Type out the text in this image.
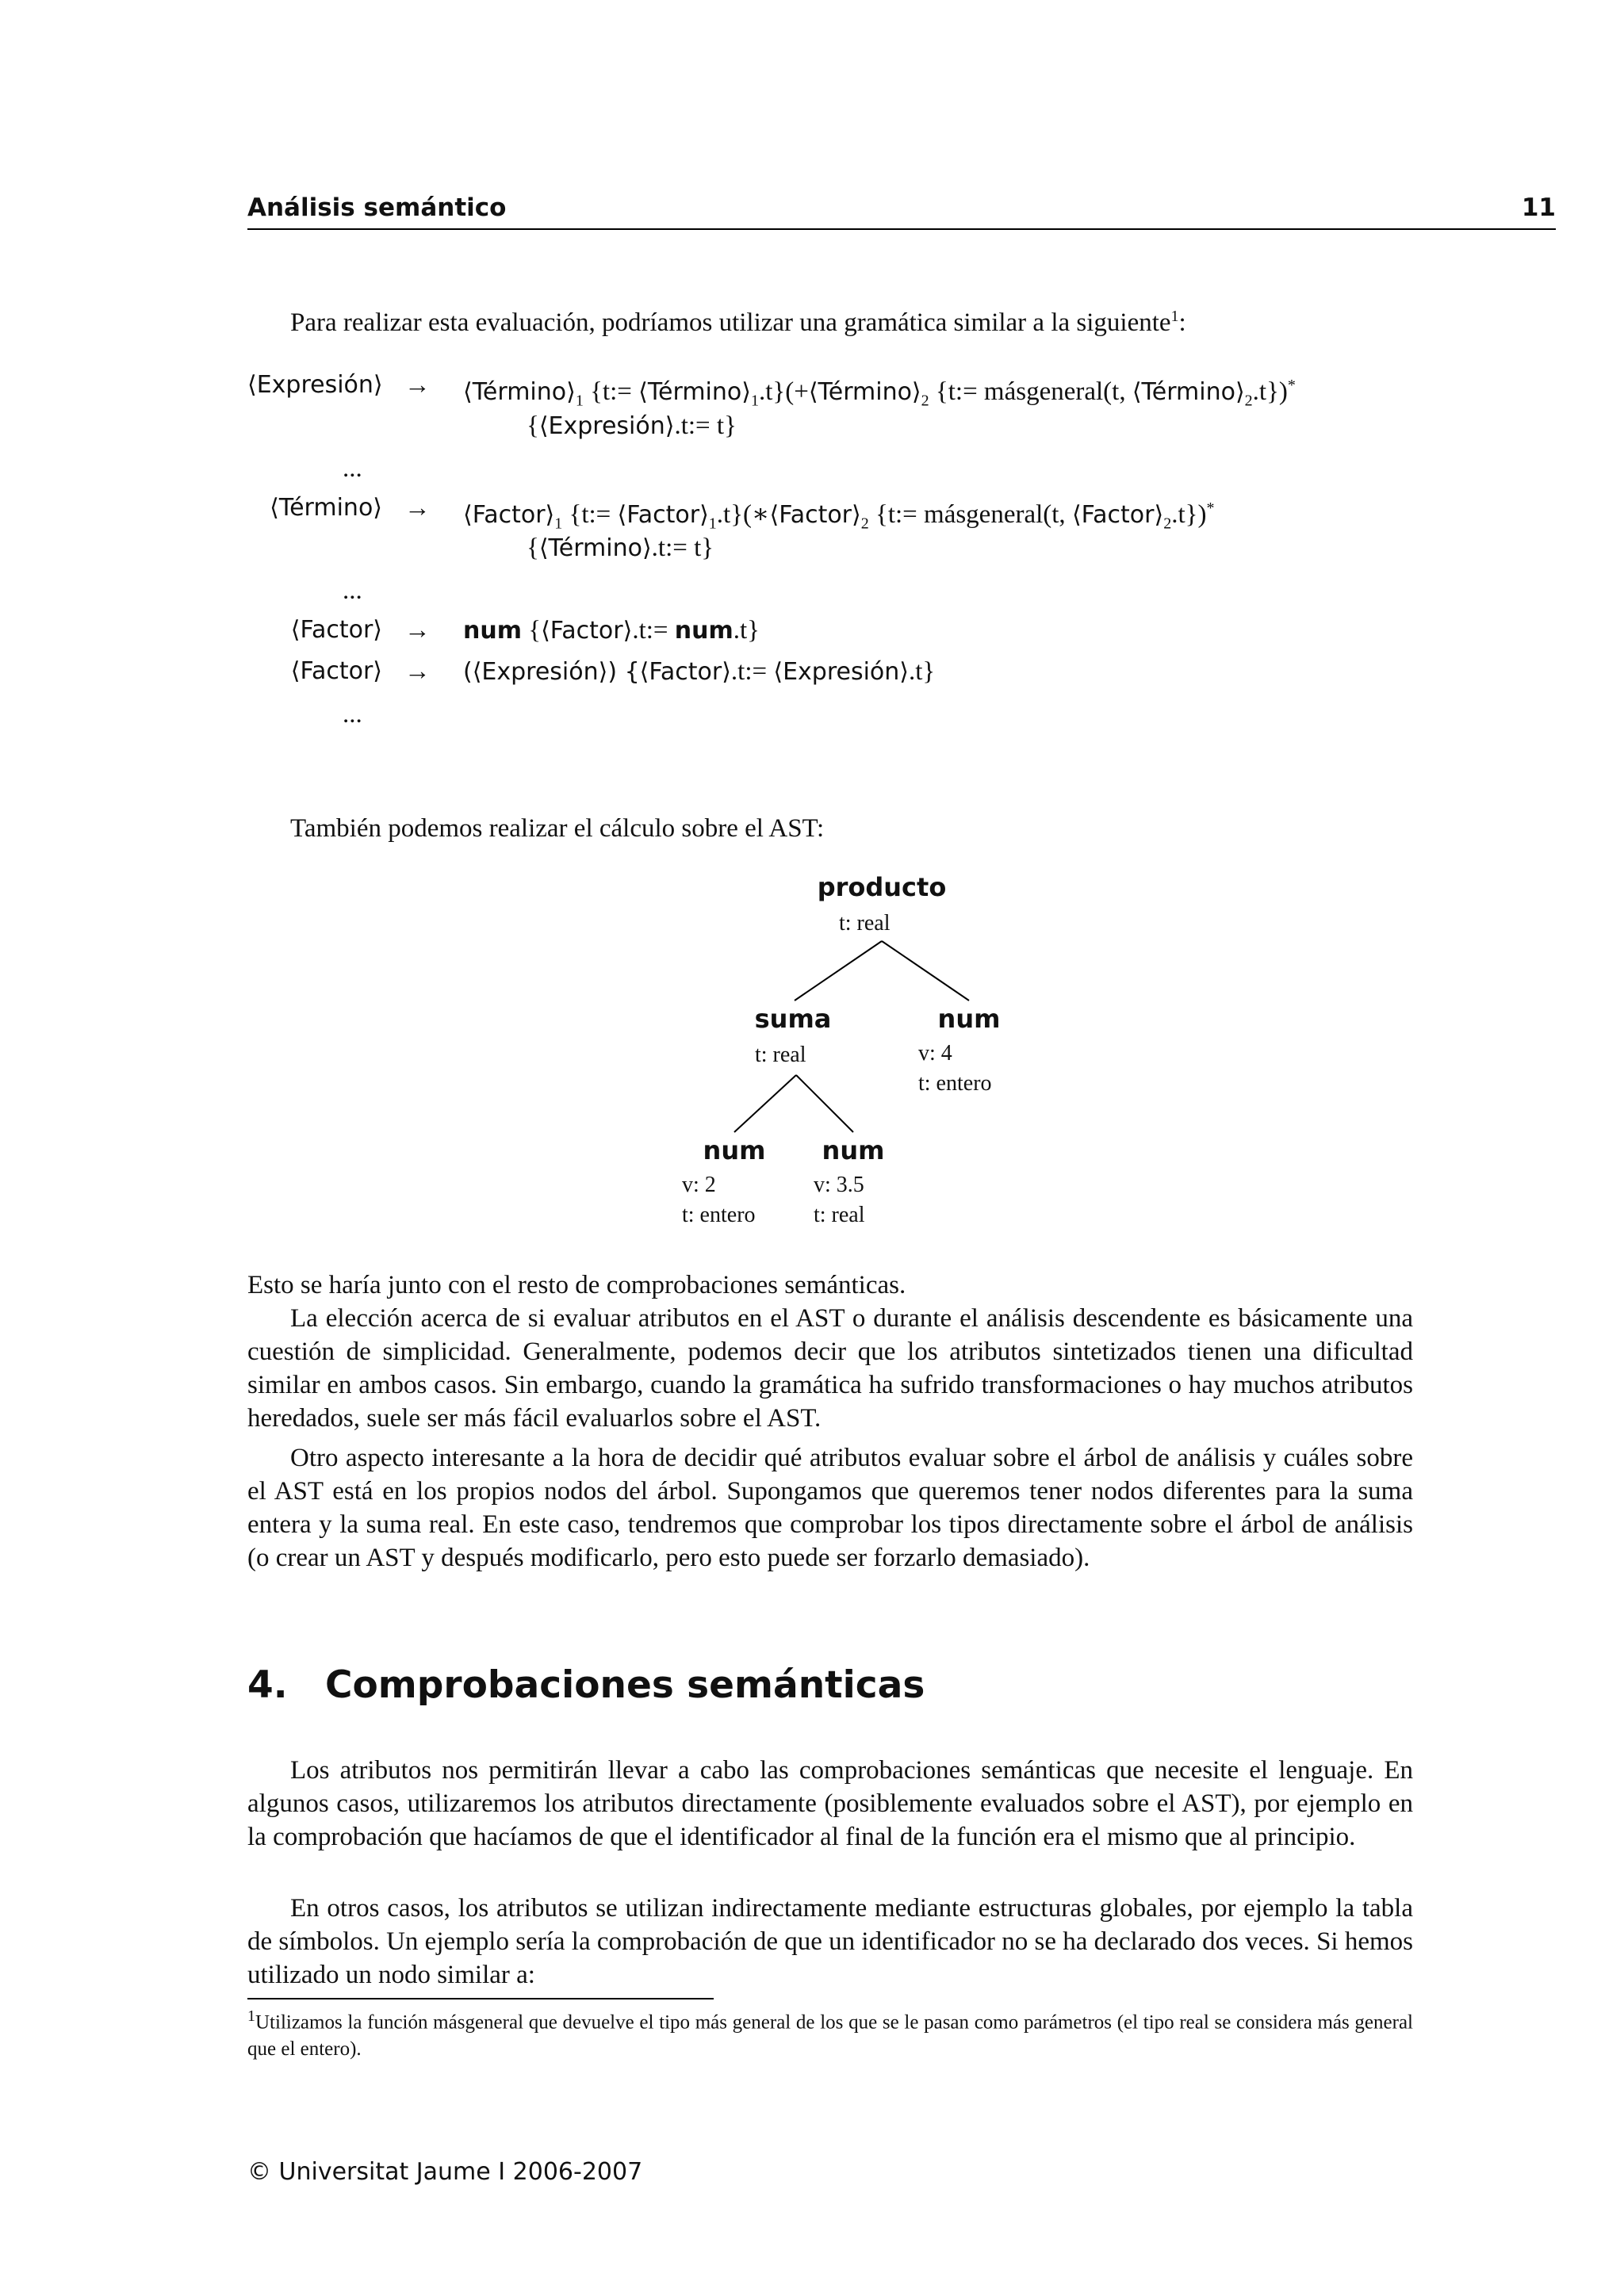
Análisis semántico	11
Para realizar esta evaluación, podríamos utilizar una gramática similar a la siguiente$^1$:
⟨Expresión⟩ → $⟨Término⟩_1$ {t:= $⟨Término⟩_1.t\}(+⟨Término⟩_2$ {t:= másgeneral(t, $⟨Término⟩_2.t\})^*$
{⟨Expresión⟩.t:= t}
...
⟨Término⟩ → $⟨Factor⟩_1$ {t:= $⟨Factor⟩_1.t\}(∗⟨Factor⟩_2$ {t:= másgeneral(t, $⟨Factor⟩_2.t\})^*$
{⟨Término⟩.t:= t}
...
⟨Factor⟩ → num {⟨Factor⟩.t:= num.t}
⟨Factor⟩ → (⟨Expresión⟩) {⟨Factor⟩.t:= ⟨Expresión⟩.t}
...
También podemos realizar el cálculo sobre el AST:
producto
t: real
suma
t: real
num
v: 4
t: entero
num
v: 2
t: entero
num
v: 3.5
t: real
Esto se haría junto con el resto de comprobaciones semánticas.
La elección acerca de si evaluar atributos en el AST o durante el análisis descendente es básicamente una cuestión de simplicidad. Generalmente, podemos decir que los atributos sintetizados tienen una dificultad similar en ambos casos. Sin embargo, cuando la gramática ha sufrido transformaciones o hay muchos atributos heredados, suele ser más fácil evaluarlos sobre el AST.
Otro aspecto interesante a la hora de decidir qué atributos evaluar sobre el árbol de análisis y cuáles sobre el AST está en los propios nodos del árbol. Supongamos que queremos tener nodos diferentes para la suma entera y la suma real. En este caso, tendremos que comprobar los tipos directamente sobre el árbol de análisis (o crear un AST y después modificarlo, pero esto puede ser forzarlo demasiado).
4. Comprobaciones semánticas
Los atributos nos permitirán llevar a cabo las comprobaciones semánticas que necesite el lenguaje. En algunos casos, utilizaremos los atributos directamente (posiblemente evaluados sobre el AST), por ejemplo en la comprobación que hacíamos de que el identificador al final de la función era el mismo que al principio.
En otros casos, los atributos se utilizan indirectamente mediante estructuras globales, por ejemplo la tabla de símbolos. Un ejemplo sería la comprobación de que un identificador no se ha declarado dos veces. Si hemos utilizado un nodo similar a:
$^1$Utilizamos la función másgeneral que devuelve el tipo más general de los que se le pasan como parámetros (el tipo real se considera más general que el entero).
© Universitat Jaume I 2006-2007
